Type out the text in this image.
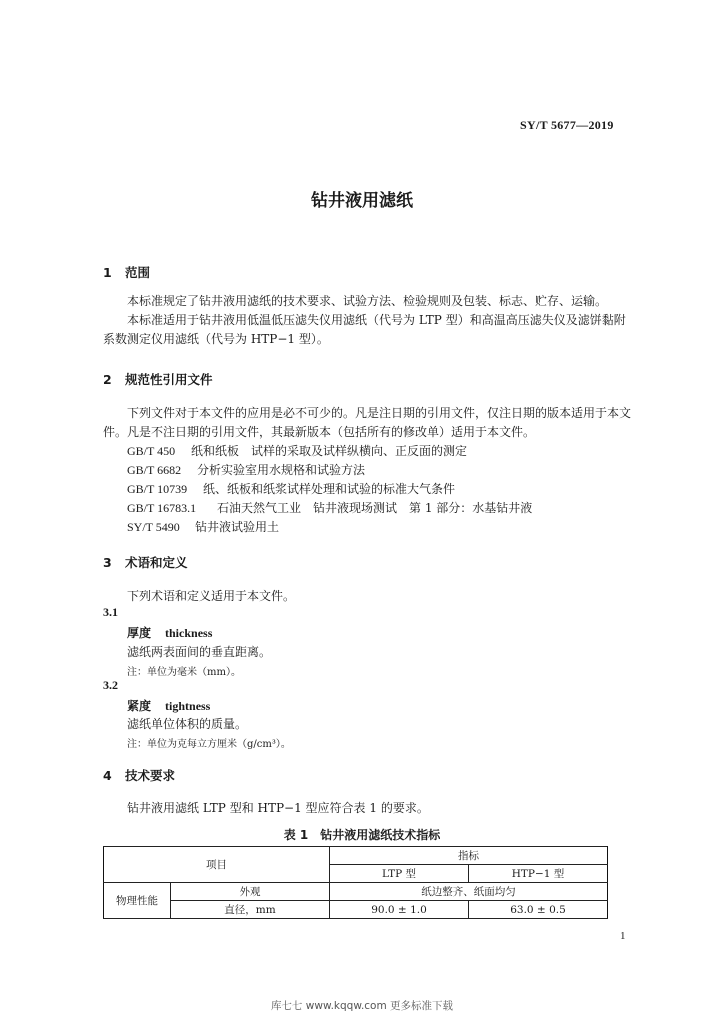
SY/T 5677—2019
钻井液用滤纸
1 范围
本标准规定了钻井液用滤纸的技术要求、试验方法、检验规则及包装、标志、贮存、运输。
本标准适用于钻井液用低温低压滤失仪用滤纸（代号为 LTP 型）和高温高压滤失仪及滤饼黏附
系数测定仪用滤纸（代号为 HTP−1 型）。
2 规范性引用文件
下列文件对于本文件的应用是必不可少的。凡是注日期的引用文件，仅注日期的版本适用于本文
件。凡是不注日期的引用文件，其最新版本（包括所有的修改单）适用于本文件。
GB/T 450 纸和纸板　试样的采取及试样纵横向、正反面的测定
GB/T 6682 分析实验室用水规格和试验方法
GB/T 10739 纸、纸板和纸浆试样处理和试验的标准大气条件
GB/T 16783.1 石油天然气工业　钻井液现场测试　第 1 部分：水基钻井液
SY/T 5490 钻井液试验用土
3 术语和定义
下列术语和定义适用于本文件。
3.1
厚度 thickness
滤纸两表面间的垂直距离。
注：单位为毫米（mm）。
3.2
紧度 tightness
滤纸单位体积的质量。
注：单位为克每立方厘米（g/cm³）。
4 技术要求
钻井液用滤纸 LTP 型和 HTP−1 型应符合表 1 的要求。
表 1　钻井液用滤纸技术指标
项目		指标	
		LTP 型	HTP−1 型
物理性能	外观	纸边整齐、纸面均匀	
	直径，mm	90.0 ± 1.0	63.0 ± 0.5
1
库七七 www.kqqw.com 更多标准下载
